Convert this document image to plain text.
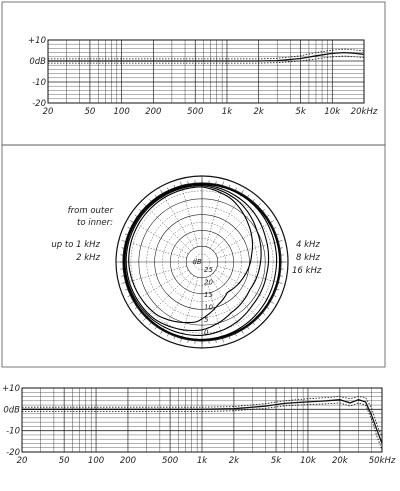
+10
0dB
-10
-20
20	50 100 200	500 1k	2k	5k 10k 20kHz
dB
25
20
15
10
5
0
from outer
to inner:
up to 1 kHz
2 kHz
4 kHz
8 kHz
16 kHz
+10
0dB
-10
-20
20	50 100 200	500 1k	2k	5k 10k 20k 50kHz
